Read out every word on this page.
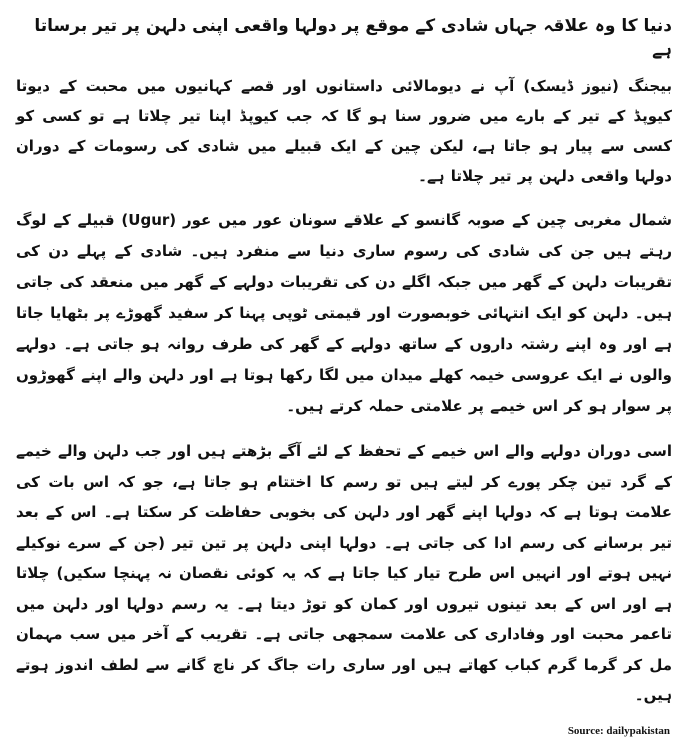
دنیا کا وہ علاقہ جہاں شادی کے موقع پر دولہا واقعی اپنی دلہن پر تیر برساتا ہے

بیجنگ (نیوز ڈیسک) آپ نے دیومالائی داستانوں اور قصے کہانیوں میں محبت کے دیوتا کیوپڈ کے تیر کے بارے میں ضرور سنا ہو گا کہ جب کیوپڈ اپنا تیر چلاتا ہے تو کسی کو کسی سے پیار ہو جاتا ہے، لیکن چین کے ایک قبیلے میں شادی کی رسومات کے دوران دولہا واقعی دلہن پر تیر چلاتا ہے۔

شمال مغربی چین کے صوبہ گانسو کے علاقے سونان عور میں عور (Ugur) قبیلے کے لوگ رہتے ہیں جن کی شادی کی رسوم ساری دنیا سے منفرد ہیں۔ شادی کے پہلے دن کی تقریبات دلہن کے گھر میں جبکہ اگلے دن کی تقریبات دولہے کے گھر میں منعقد کی جاتی ہیں۔ دلہن کو ایک انتہائی خوبصورت اور قیمتی ٹوپی پہنا کر سفید گھوڑے پر بٹھایا جاتا ہے اور وہ اپنے رشتہ داروں کے ساتھ دولہے کے گھر کی طرف روانہ ہو جاتی ہے۔ دولہے والوں نے ایک عروسی خیمہ کھلے میدان میں لگا رکھا ہوتا ہے اور دلہن والے اپنے گھوڑوں پر سوار ہو کر اس خیمے پر علامتی حملہ کرتے ہیں۔

اسی دوران دولہے والے اس خیمے کے تحفظ کے لئے آگے بڑھتے ہیں اور جب دلہن والے خیمے کے گرد تین چکر پورے کر لیتے ہیں تو رسم کا اختتام ہو جاتا ہے، جو کہ اس بات کی علامت ہوتا ہے کہ دولہا اپنے گھر اور دلہن کی بخوبی حفاظت کر سکتا ہے۔ اس کے بعد تیر برسانے کی رسم ادا کی جاتی ہے۔ دولہا اپنی دلہن پر تین تیر (جن کے سرے نوکیلے نہیں ہوتے اور انہیں اس طرح تیار کیا جاتا ہے کہ یہ کوئی نقصان نہ پہنچا سکیں) چلاتا ہے اور اس کے بعد تینوں تیروں اور کمان کو توڑ دیتا ہے۔ یہ رسم دولہا اور دلہن میں تاعمر محبت اور وفاداری کی علامت سمجھی جاتی ہے۔ تقریب کے آخر میں سب مہمان مل کر گرما گرم کباب کھاتے ہیں اور ساری رات جاگ کر ناچ گانے سے لطف اندوز ہوتے ہیں۔

Source: dailypakistan
